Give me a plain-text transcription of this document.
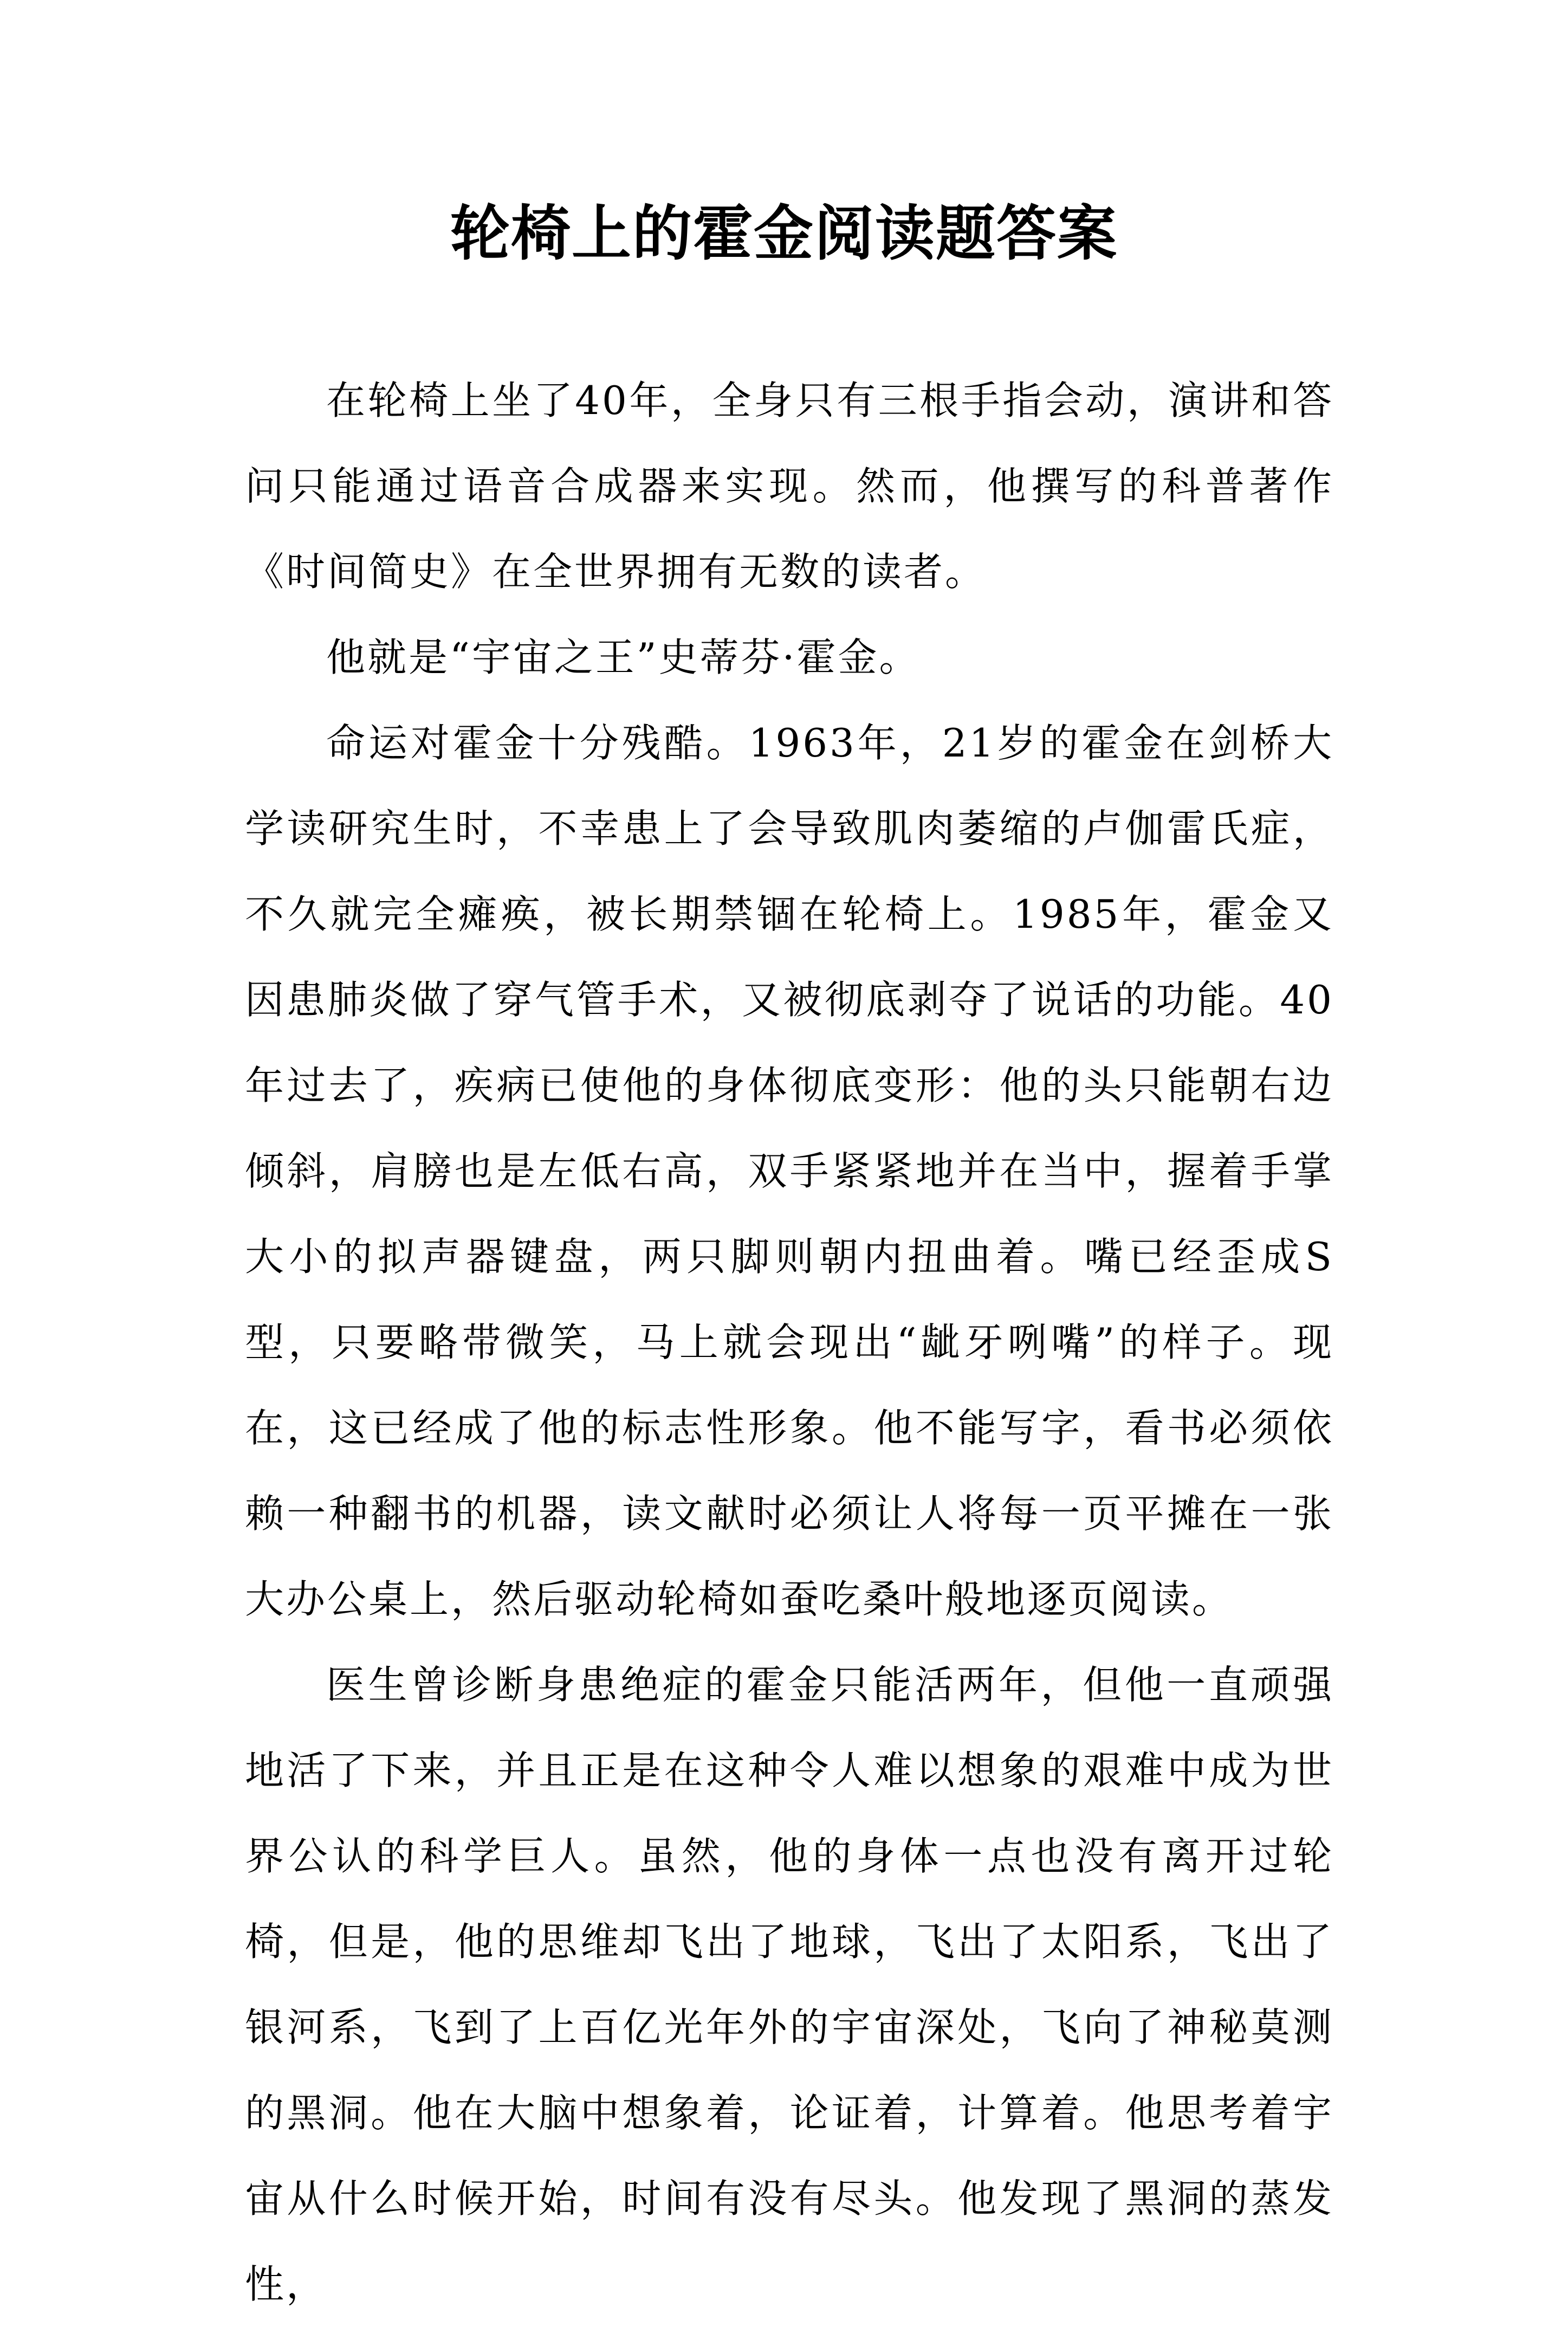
轮椅上的霍金阅读题答案

在轮椅上坐了40年，全身只有三根手指会动，演讲和答问只能通过语音合成器来实现。然而，他撰写的科普著作《时间简史》在全世界拥有无数的读者。

他就是“宇宙之王”史蒂芬·霍金。

命运对霍金十分残酷。1963年，21岁的霍金在剑桥大学读研究生时，不幸患上了会导致肌肉萎缩的卢伽雷氏症，不久就完全瘫痪，被长期禁锢在轮椅上。1985年，霍金又因患肺炎做了穿气管手术，又被彻底剥夺了说话的功能。40年过去了，疾病已使他的身体彻底变形：他的头只能朝右边倾斜，肩膀也是左低右高，双手紧紧地并在当中，握着手掌大小的拟声器键盘，两只脚则朝内扭曲着。嘴已经歪成S型，只要略带微笑，马上就会现出“龇牙咧嘴”的样子。现在，这已经成了他的标志性形象。他不能写字，看书必须依赖一种翻书的机器，读文献时必须让人将每一页平摊在一张大办公桌上，然后驱动轮椅如蚕吃桑叶般地逐页阅读。

医生曾诊断身患绝症的霍金只能活两年，但他一直顽强地活了下来，并且正是在这种令人难以想象的艰难中成为世界公认的科学巨人。虽然，他的身体一点也没有离开过轮椅，但是，他的思维却飞出了地球，飞出了太阳系，飞出了银河系，飞到了上百亿光年外的宇宙深处，飞向了神秘莫测的黑洞。他在大脑中想象着，论证着，计算着。他思考着宇宙从什么时候开始，时间有没有尽头。他发现了黑洞的蒸发性，
